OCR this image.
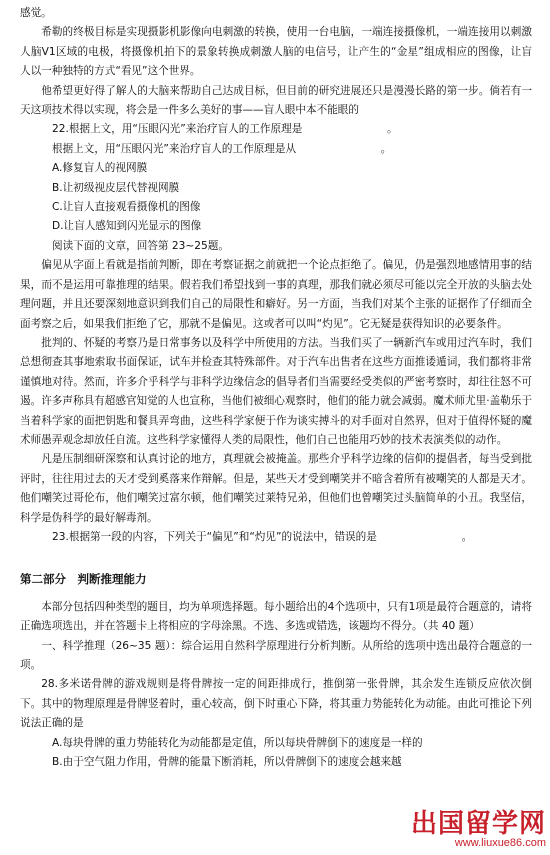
感觉。

希勒的终极目标是实现摄影机影像向电刺激的转换，使用一台电脑，一端连接摄像机，一端连接用以刺激人脑V1区域的电极，将摄像机拍下的景象转换成刺激人脑的电信号，让产生的“金星”组成相应的图像，让盲人以一种独特的方式“看见”这个世界。

他希望更好得了解人的大脑来帮助自己达成目标，但目前的研究进展还只是漫漫长路的第一步。倘若有一天这项技术得以实现，将会是一件多么美好的事——盲人眼中本不能眼的

22.根据上文，用“压眼闪光”来治疗盲人的工作原理是　　　　　　　　。

根据上文，用“压眼闪光”来治疗盲人的工作原理是从　　　　　　　　。

A.修复盲人的视网膜

B.让初级视皮层代替视网膜

C.让盲人直接观看摄像机的图像

D.让盲人感知到闪光显示的图像

阅读下面的文章，回答第 23~25题。

偏见从字面上看就是指前判断，即在考察证据之前就把一个论点拒绝了。偏见，仍是强烈地感情用事的结果，而不是运用可靠推理的结果。假若我们希望找到一事的真理，那我们就必须尽可能以完全开放的头脑去处理问题，并且还要深刻地意识到我们自己的局限性和癖好。另一方面，当我们对某个主张的证据作了仔细而全面考察之后，如果我们拒绝了它，那就不是偏见。这或者可以叫“灼见”。它无疑是获得知识的必要条件。

批判的、怀疑的考察乃是日常事务以及科学中所使用的方法。当我们买了一辆新汽车或用过汽车时，我们总想彻查其事地索取书面保证，试车并检查其特殊部件。对于汽车出售者在这些方面推诿遁词，我们都将非常谨慎地对待。然而，许多介乎科学与非科学边缘信念的倡导者们当需要经受类似的严密考察时，却往往怒不可遏。许多声称具有超感官知觉的人也宣称，当他们被细心观察时，他们的能力就会减弱。魔术师尤里·盖勒乐于当着科学家的面把钥匙和餐具弄弯曲，这些科学家便于作为谈实搏斗的对手面对自然界，但对于值得怀疑的魔术师愚弄观念却放任自流。这些科学家懂得人类的局限性，他们自己也能用巧妙的技术表演类似的动作。

凡是压制细研深察和认真讨论的地方，真理就会被掩盖。那些介乎科学边缘的信仰的提倡者，每当受到批评时，往往用过去的天才受到奚落来作辩解。但是，某些天才受到嘲笑并不暗含着所有被嘲笑的人都是天才。他们嘲笑过哥伦布，他们嘲笑过富尔顿，他们嘲笑过莱特兄弟，但他们也曾嘲笑过头脑简单的小丑。我坚信，科学是伪科学的最好解毒剂。

23.根据第一段的内容，下列关于“偏见”和“灼见”的说法中，错误的是　　　　　　　　。

第二部分　判断推理能力

本部分包括四种类型的题目，均为单项选择题。每小题给出的4个选项中，只有1项是最符合题意的，请将正确选项选出，并在答题卡上将相应的字母涂黑。不选、多选或错选，该题均不得分。（共 40 题）

一、科学推理（26~35 题）：综合运用自然科学原理进行分析判断。从所给的选项中选出最符合题意的一项。

28.多米诺骨牌的游戏规则是将骨牌按一定的间距排成行，推倒第一张骨牌，其余发生连锁反应依次倒下。其中的物理原理是骨牌竖着时，重心较高，倒下时重心下降，将其重力势能转化为动能。由此可推论下列说法正确的是　　　　　　　

A.每块骨牌的重力势能转化为动能都是定值，所以每块骨牌倒下的速度是一样的

B.由于空气阻力作用，骨牌的能量下断消耗，所以骨牌倒下的速度会越来越

出国留学网
www.liuxue86.com
